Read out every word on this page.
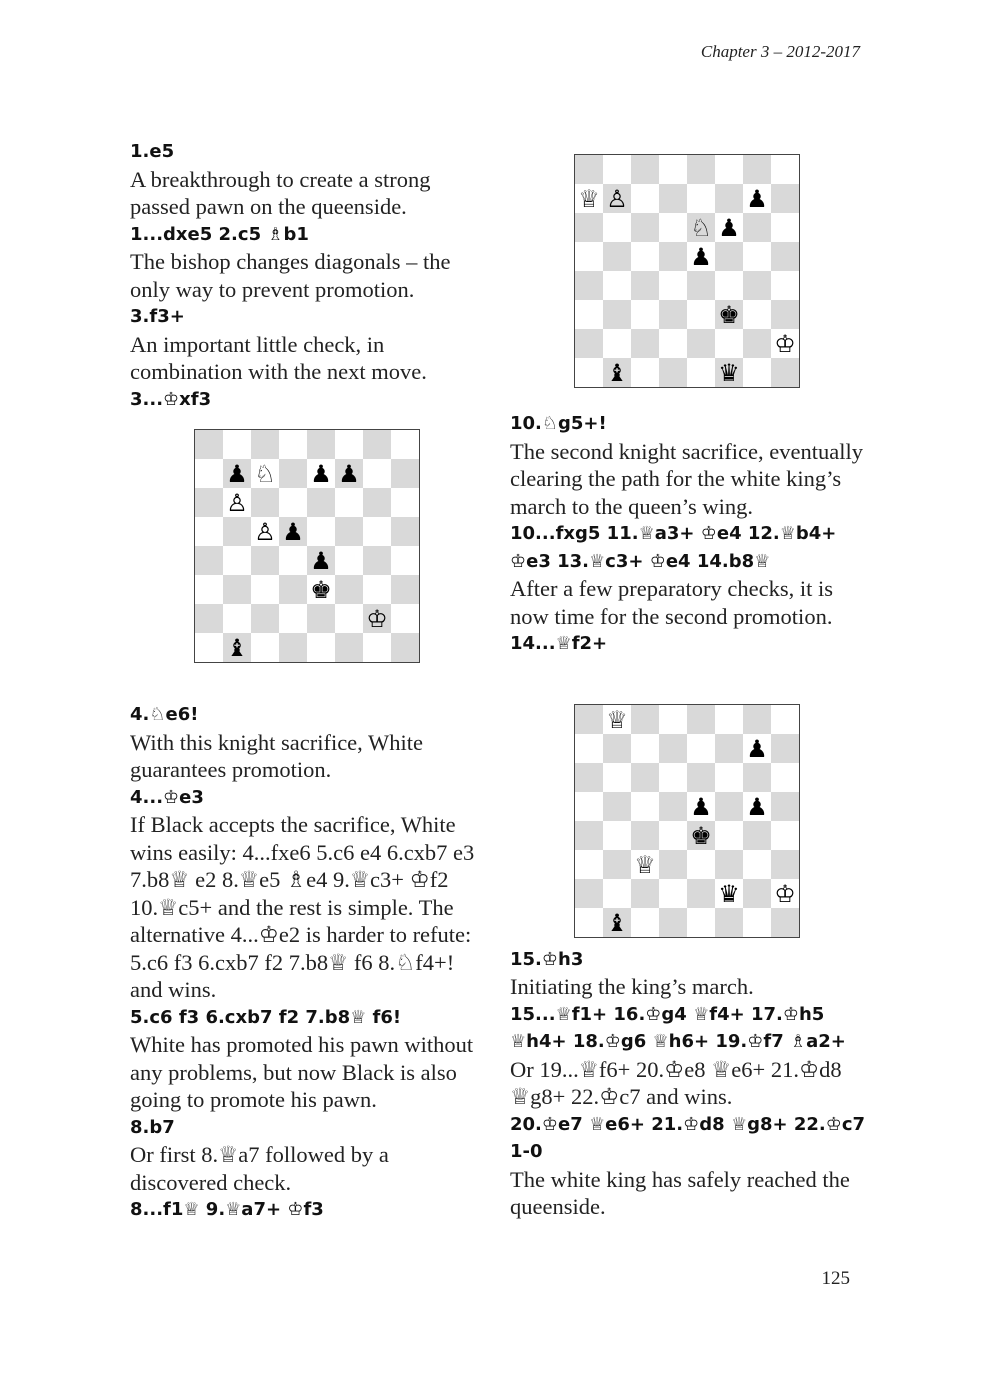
Chapter 3 – 2012-2017
1.e5
A breakthrough to create a strong passed pawn on the queenside.
1...dxe5 2.c5 ♗b1
The bishop changes diagonals – the only way to prevent promotion.
3.f3+
An important little check, in combination with the next move.
3...♔xf3
4.♘e6!
With this knight sacrifice, White guarantees promotion.
4...♔e3
If Black accepts the sacrifice, White wins easily: 4...fxe6 5.c6 e4 6.cxb7 e3 7.b8♕ e2 8.♕e5 ♗e4 9.♕c3+ ♔f2 10.♕c5+ and the rest is simple. The alternative 4...♔e2 is harder to refute: 5.c6 f3 6.cxb7 f2 7.b8♕ f6 8.♘f4+! and wins.
5.c6 f3 6.cxb7 f2 7.b8♕ f6!
White has promoted his pawn without any problems, but now Black is also going to promote his pawn.
8.b7
Or first 8.♕a7 followed by a discovered check.
8...f1♕ 9.♕a7+ ♔f3
10.♘g5+!
The second knight sacrifice, eventually clearing the path for the white king’s march to the queen’s wing.
10...fxg5 11.♕a3+ ♔e4 12.♕b4+ ♔e3 13.♕c3+ ♔e4 14.b8♕
After a few preparatory checks, it is now time for the second promotion.
14...♕f2+
15.♔h3
Initiating the king’s march.
15...♕f1+ 16.♔g4 ♕f4+ 17.♔h5 ♕h4+ 18.♔g6 ♕h6+ 19.♔f7 ♗a2+
Or 19...♕f6+ 20.♔e8 ♕e6+ 21.♔d8 ♕g8+ 22.♔c7 and wins.
20.♔e7 ♕e6+ 21.♔d8 ♕g8+ 22.♔c7 1-0
The white king has safely reached the queenside.
♟ ♘ ♟ ♟
♙
♙ ♟
♟
♚
♔
♝
♕ ♙	♟
♘ ♟
♟
♚
♔
♝	♛
♕
♟
♟ ♟
♚
♕
♛ ♔
♝
125
